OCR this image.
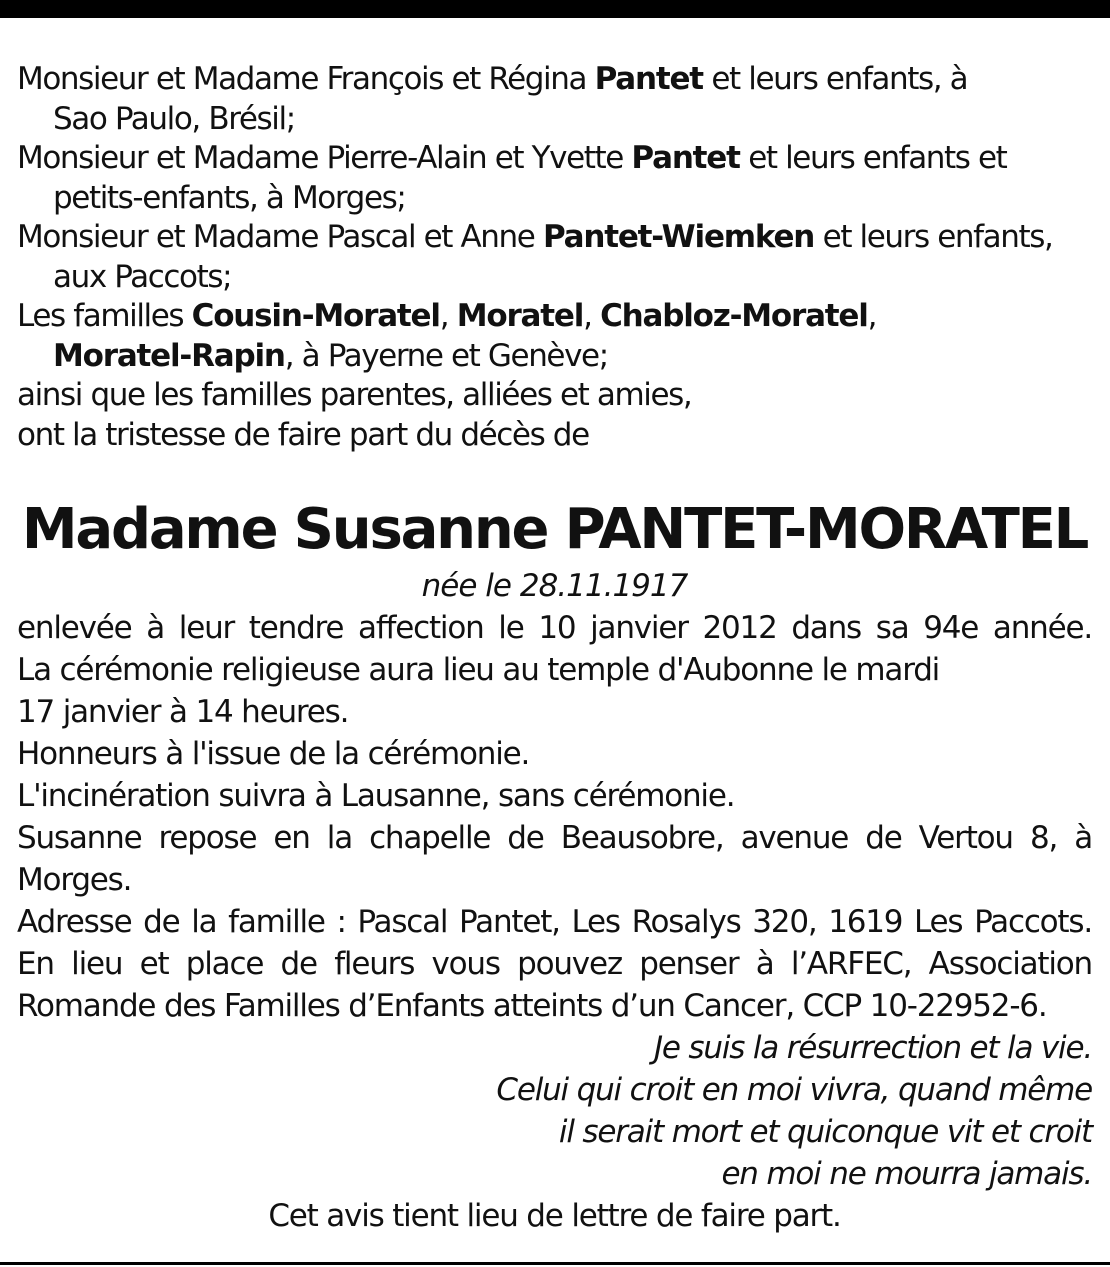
Monsieur et Madame François et Régina Pantet et leurs enfants, à
Sao Paulo, Brésil;
Monsieur et Madame Pierre-Alain et Yvette Pantet et leurs enfants et
petits-enfants, à Morges;
Monsieur et Madame Pascal et Anne Pantet-Wiemken et leurs enfants,
aux Paccots;
Les familles Cousin-Moratel, Moratel, Chabloz-Moratel,
Moratel-Rapin, à Payerne et Genève;
ainsi que les familles parentes, alliées et amies,
ont la tristesse de faire part du décès de
Madame Susanne PANTET-MORATEL
née le 28.11.1917
enlevée à leur tendre affection le 10 janvier 2012 dans sa 94e année.
La cérémonie religieuse aura lieu au temple d'Aubonne le mardi
17 janvier à 14 heures.
Honneurs à l'issue de la cérémonie.
L'incinération suivra à Lausanne, sans cérémonie.
Susanne repose en la chapelle de Beausobre, avenue de Vertou 8, à
Morges.
Adresse de la famille : Pascal Pantet, Les Rosalys 320, 1619 Les Paccots.
En lieu et place de fleurs vous pouvez penser à l’ARFEC, Association
Romande des Familles d’Enfants atteints d’un Cancer, CCP 10-22952-6.
Je suis la résurrection et la vie.
Celui qui croit en moi vivra, quand même
il serait mort et quiconque vit et croit
en moi ne mourra jamais.
Cet avis tient lieu de lettre de faire part.
